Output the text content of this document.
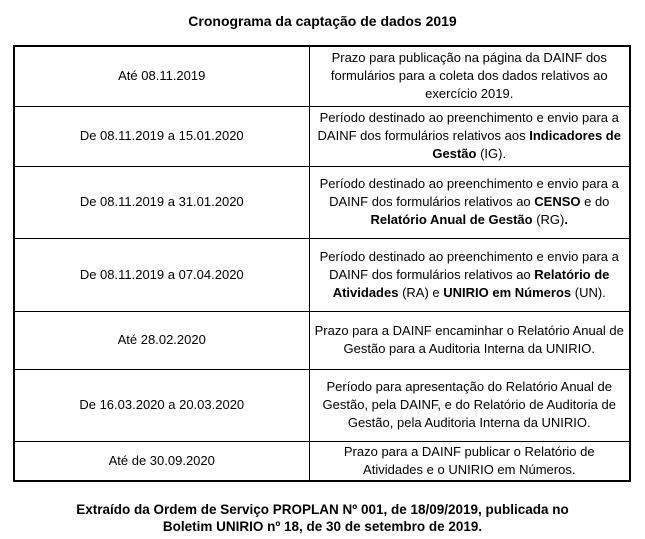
Cronograma da captação de dados 2019
Até 08.11.2019	Prazo para publicação na página da DAINF dos formulários para a coleta dos dados relativos ao exercício 2019.
De 08.11.2019 a 15.01.2020	Período destinado ao preenchimento e envio para a DAINF dos formulários relativos aos Indicadores de Gestão (IG).
De 08.11.2019 a 31.01.2020	Período destinado ao preenchimento e envio para a DAINF dos formulários relativos ao CENSO e do Relatório Anual de Gestão (RG).
De 08.11.2019 a 07.04.2020	Período destinado ao preenchimento e envio para a DAINF dos formulários relativos ao Relatório de Atividades (RA) e UNIRIO em Números (UN).
Até 28.02.2020	Prazo para a DAINF encaminhar o Relatório Anual de Gestão para a Auditoria Interna da UNIRIO.
De 16.03.2020 a 20.03.2020	Período para apresentação do Relatório Anual de Gestão, pela DAINF, e do Relatório de Auditoria de Gestão, pela Auditoria Interna da UNIRIO.
Até de 30.09.2020	Prazo para a DAINF publicar o Relatório de Atividades e o UNIRIO em Números.
Extraído da Ordem de Serviço PROPLAN Nº 001, de 18/09/2019, publicada no
Boletim UNIRIO nº 18, de 30 de setembro de 2019.
